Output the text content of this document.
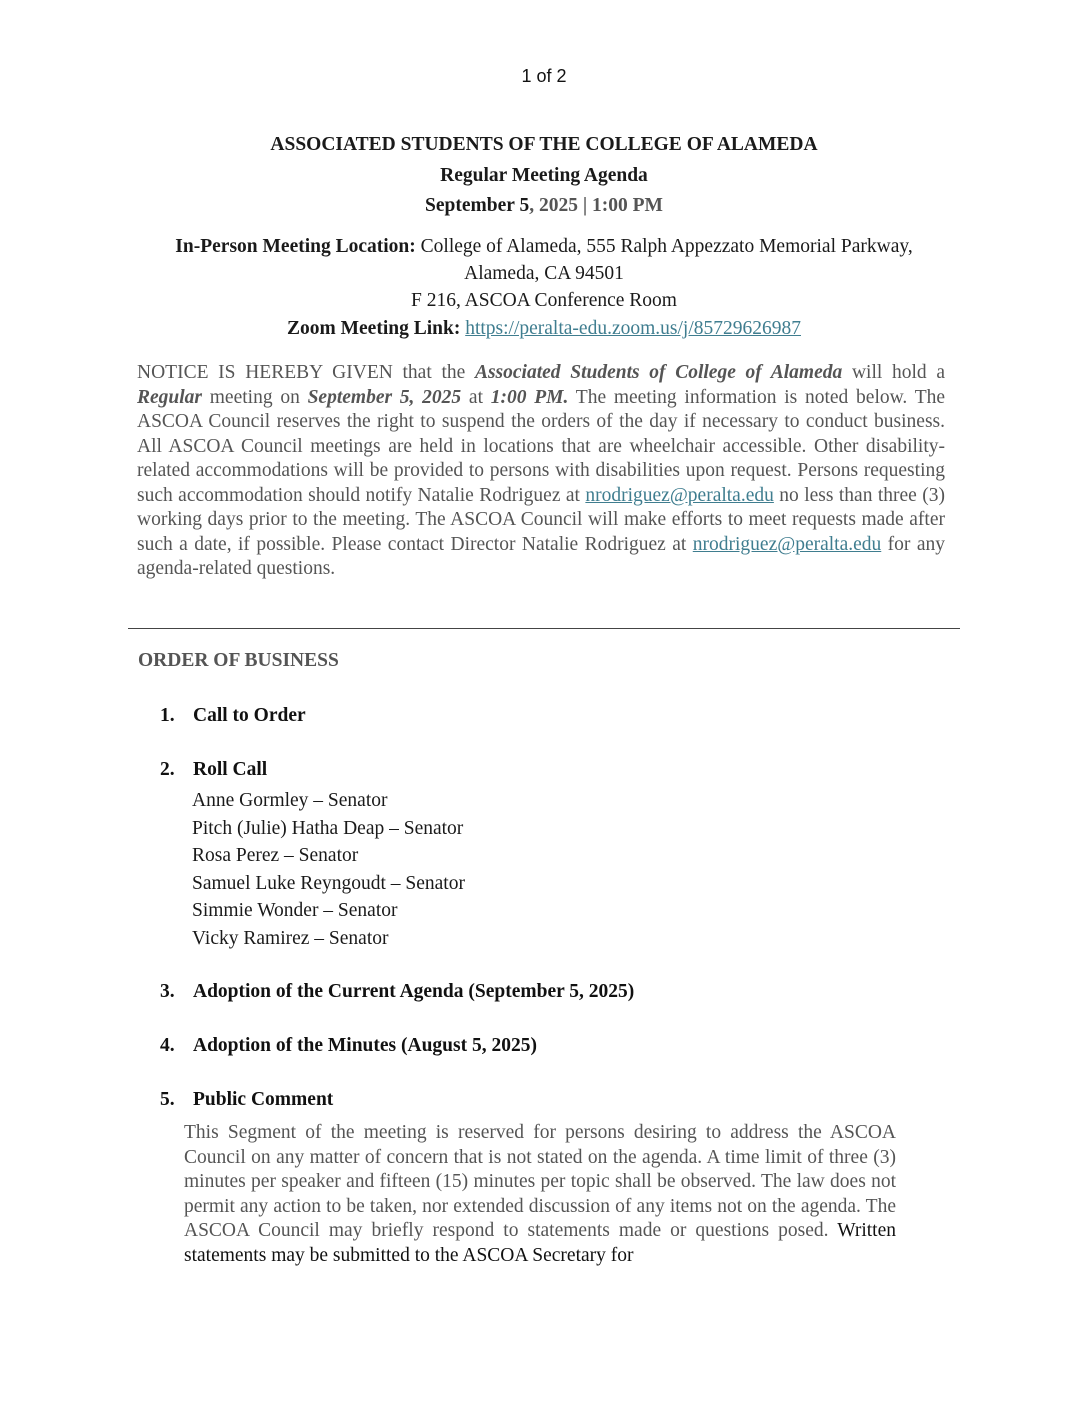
1 of 2
ASSOCIATED STUDENTS OF THE COLLEGE OF ALAMEDA
Regular Meeting Agenda
September 5, 2025 | 1:00 PM
In-Person Meeting Location: College of Alameda, 555 Ralph Appezzato Memorial Parkway,
Alameda, CA 94501
F 216, ASCOA Conference Room
Zoom Meeting Link: https://peralta-edu.zoom.us/j/85729626987
NOTICE IS HEREBY GIVEN that the Associated Students of College of Alameda will hold a Regular meeting on September 5, 2025 at 1:00 PM. The meeting information is noted below. The ASCOA Council reserves the right to suspend the orders of the day if necessary to conduct business. All ASCOA Council meetings are held in locations that are wheelchair accessible. Other disability-related accommodations will be provided to persons with disabilities upon request. Persons requesting such accommodation should notify Natalie Rodriguez at nrodriguez@peralta.edu no less than three (3) working days prior to the meeting. The ASCOA Council will make efforts to meet requests made after such a date, if possible. Please contact Director Natalie Rodriguez at nrodriguez@peralta.edu for any agenda-related questions.
ORDER OF BUSINESS
1. Call to Order
2. Roll Call
Anne Gormley – Senator
Pitch (Julie) Hatha Deap – Senator
Rosa Perez – Senator
Samuel Luke Reyngoudt – Senator
Simmie Wonder – Senator
Vicky Ramirez – Senator
3. Adoption of the Current Agenda (September 5, 2025)
4. Adoption of the Minutes (August 5, 2025)
5. Public Comment
This Segment of the meeting is reserved for persons desiring to address the ASCOA Council on any matter of concern that is not stated on the agenda. A time limit of three (3) minutes per speaker and fifteen (15) minutes per topic shall be observed. The law does not permit any action to be taken, nor extended discussion of any items not on the agenda. The ASCOA Council may briefly respond to statements made or questions posed. Written statements may be submitted to the ASCOA Secretary for
